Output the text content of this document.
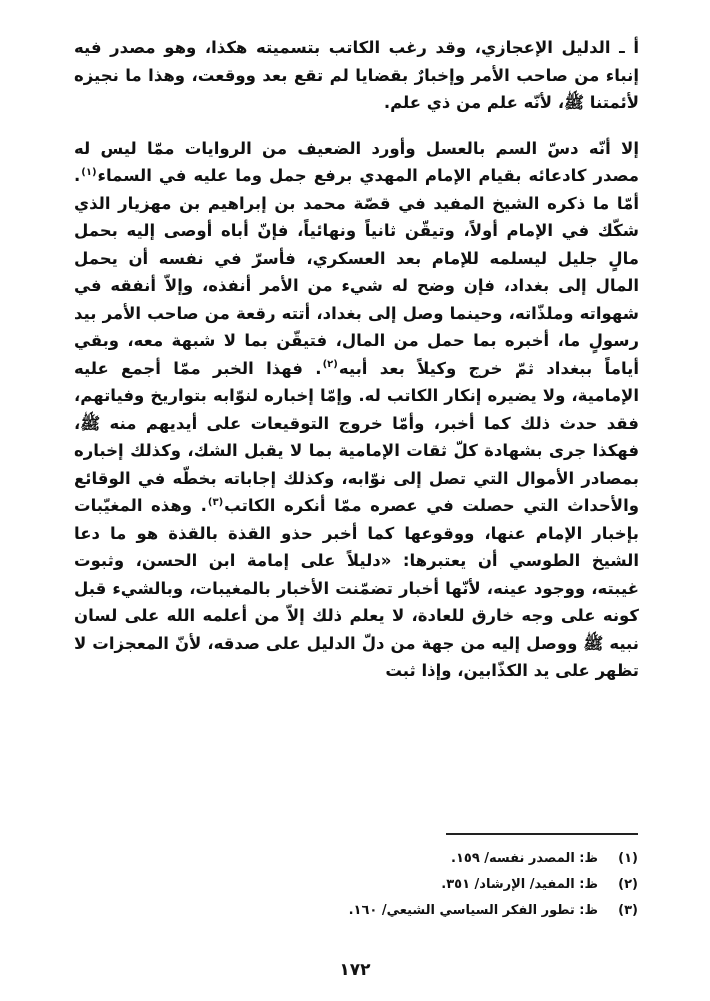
أ ـ الدليل الإعجازي، وقد رغب الكاتب بتسميته هكذا، وهو مصدر فيه إنباء من صاحب الأمر وإخبارٌ بقضايا لم تقع بعد ووقعت، وهذا ما نجيزه لأئمتنا ﷺ، لأنّه علم من ذي علم.

إلا أنّه دسّ السم بالعسل وأورد الضعيف من الروايات ممّا ليس له مصدر كادعائه بقيام الإمام المهدي برفع جمل وما عليه في السماء$^{(١)}$. أمّا ما ذكره الشيخ المفيد في قصّة محمد بن إبراهيم بن مهزيار الذي شكّك في الإمام أولاً، وتيقّن ثانياً ونهائياً، فإنّ أباه أوصى إليه بحمل مالٍ جليل ليسلمه للإمام بعد العسكري، فأسرّ في نفسه أن يحمل المال إلى بغداد، فإن وضح له شيء من الأمر أنفذه، وإلاّ أنفقه في شهواته وملذّاته، وحينما وصل إلى بغداد، أتته رقعة من صاحب الأمر بيد رسولٍ ما، أخبره بما حمل من المال، فتيقّن بما لا شبهة معه، وبقي أياماً ببغداد ثمّ خرج وكيلاً بعد أبيه$^{(٢)}$. فهذا الخبر ممّا أجمع عليه الإمامية، ولا يضيره إنكار الكاتب له. وإمّا إخباره لنوّابه بتواريخ وفياتهم، فقد حدث ذلك كما أخبر، وأمّا خروج التوقيعات على أيديهم منه ﷺ، فهكذا جرى بشهادة كلّ ثقات الإمامية بما لا يقبل الشك، وكذلك إخباره بمصادر الأموال التي تصل إلى نوّابه، وكذلك إجاباته بخطّه في الوقائع والأحداث التي حصلت في عصره ممّا أنكره الكاتب$^{(٣)}$. وهذه المغيّبات بإخبار الإمام عنها، ووقوعها كما أخبر حذو القذة بالقذة هو ما دعا الشيخ الطوسي أن يعتبرها: «دليلاً على إمامة ابن الحسن، وثبوت غيبته، ووجود عينه، لأنّها أخبار تضمّنت الأخبار بالمغيبات، وبالشيء قبل كونه على وجه خارق للعادة، لا يعلم ذلك إلاّ من أعلمه الله على لسان نبيه ﷺ ووصل إليه من جهة من دلّ الدليل على صدقه، لأنّ المعجزات لا تظهر على يد الكذّابين، وإذا ثبت

(١)
ظ: المصدر نفسه/ ١٥٩.
(٢)
ظ: المفيد/ الإرشاد/ ٣٥١.
(٣)
ظ: تطور الفكر السياسي الشيعي/ ١٦٠.
١٧٢
